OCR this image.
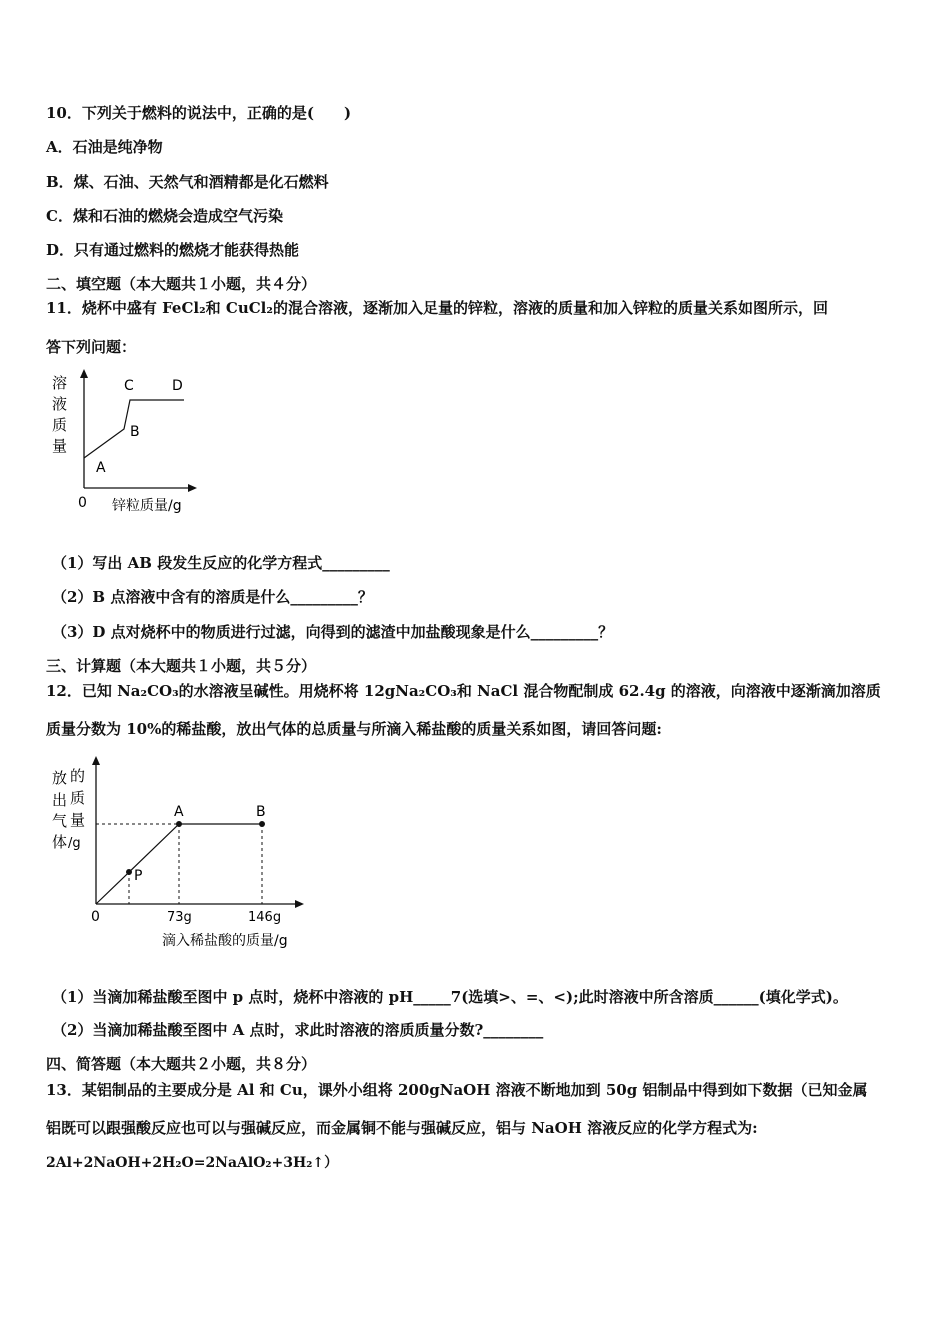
10．下列关于燃料的说法中，正确的是(　　)
A．石油是纯净物
B．煤、石油、天然气和酒精都是化石燃料
C．煤和石油的燃烧会造成空气污染
D．只有通过燃料的燃烧才能获得热能
二、填空题（本大题共１小题，共４分）
11．烧杯中盛有 FeCl₂和 CuCl₂的混合溶液，逐渐加入足量的锌粒，溶液的质量和加入锌粒的质量关系如图所示，回
答下列问题：
溶
液
质
量
A
B
C	D
0 锌粒质量/g
（1）写出 AB 段发生反应的化学方程式_________
（2）B 点溶液中含有的溶质是什么_________？
（3）D 点对烧杯中的物质进行过滤，向得到的滤渣中加盐酸现象是什么_________？
三、计算题（本大题共１小题，共５分）
12．已知 Na₂CO₃的水溶液呈碱性。用烧杯将 12gNa₂CO₃和 NaCl 混合物配制成 62.4g 的溶液，向溶液中逐渐滴加溶质
质量分数为 10%的稀盐酸，放出气体的总质量与所滴入稀盐酸的质量关系如图，请回答问题:
放
出
气
体
的
质
量
/g
A	B
P
0	73g	146g
滴入稀盐酸的质量/g
（1）当滴加稀盐酸至图中 p 点时，烧杯中溶液的 pH_____7(选填>、=、<);此时溶液中所含溶质______(填化学式)。
（2）当滴加稀盐酸至图中 A 点时，求此时溶液的溶质质量分数?________
四、简答题（本大题共２小题，共８分）
13．某铝制品的主要成分是 Al 和 Cu，课外小组将 200gNaOH 溶液不断地加到 50g 铝制品中得到如下数据（已知金属
铝既可以跟强酸反应也可以与强碱反应，而金属铜不能与强碱反应，铝与 NaOH 溶液反应的化学方程式为:
2Al+2NaOH+2H₂O=2NaAlO₂+3H₂↑）
